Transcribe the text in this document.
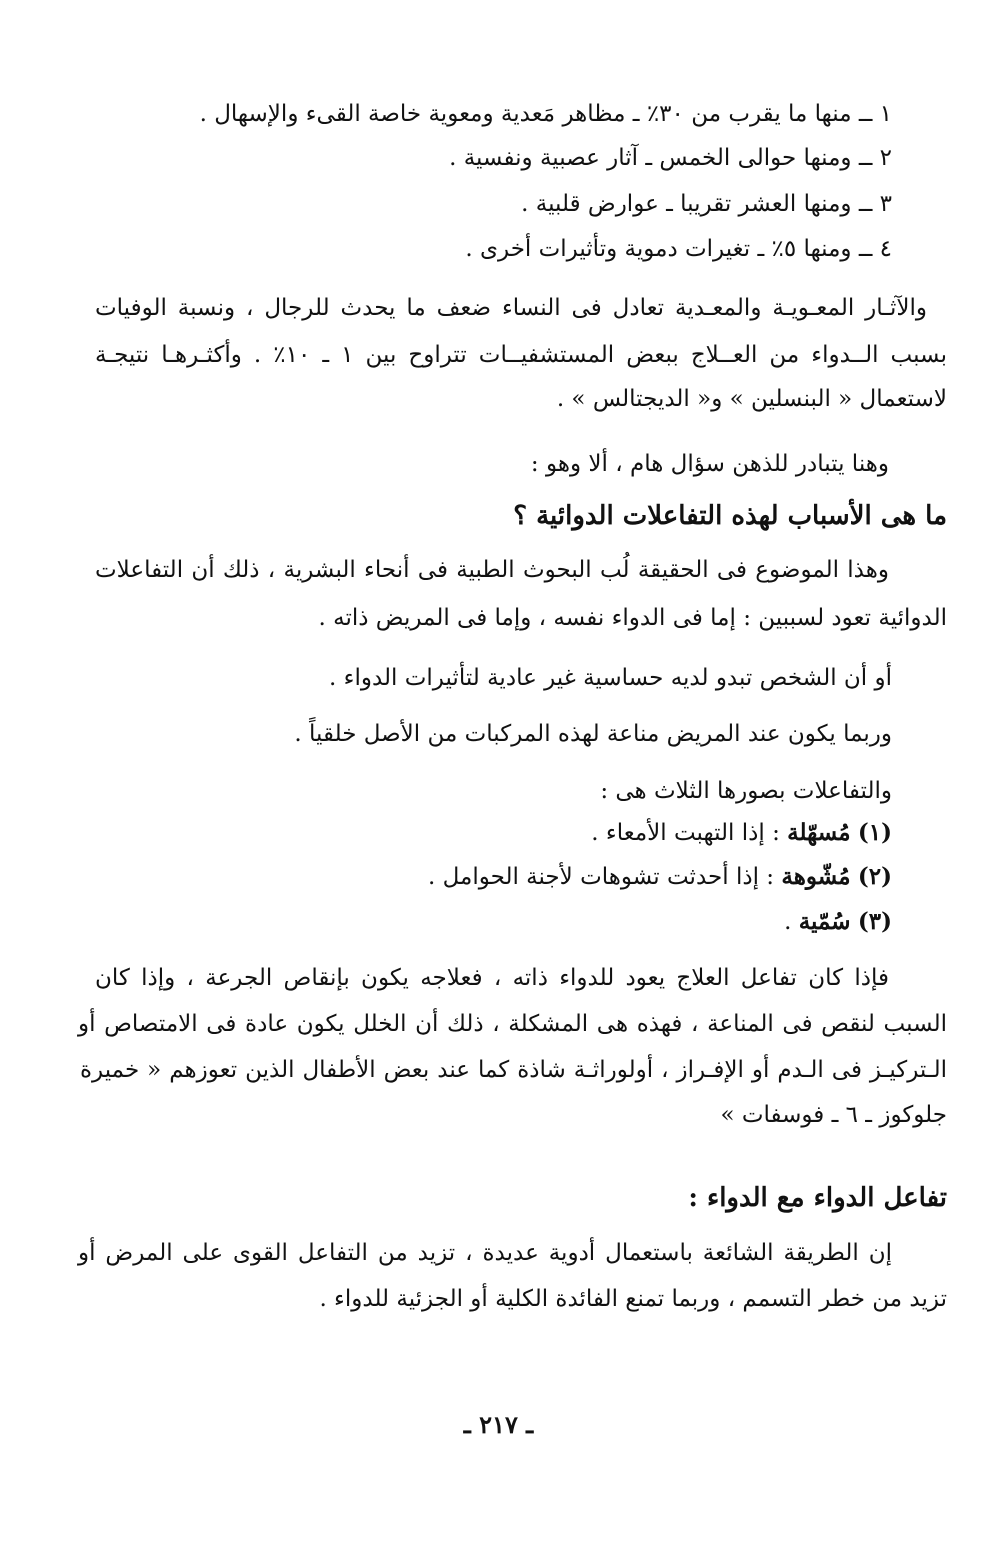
١ ــ منها ما يقرب من ٣٠٪ ـ مظاهر مَعدية ومعوية خاصة القىء والإسهال .
٢ ــ ومنها حوالى الخمس ـ آثار عصبية ونفسية .
٣ ــ ومنها العشر تقريبا ـ عوارض قلبية .
٤ ــ ومنها ٥٪ ـ تغيرات دموية وتأثيرات أخرى .
والآثـار المعـويـة والمعـدية تعادل فى النساء ضعف ما يحدث للرجال ، ونسبة الوفيات
بسبب الــدواء من العــلاج ببعض المستشفيــات تتراوح بين ١ ـ ١٠٪ . وأكثـرهـا نتيجـة
لاستعمال « البنسلين » و« الديجتالس » .
وهنا يتبادر للذهن سؤال هام ، ألا وهو :
ما هى الأسباب لهذه التفاعلات الدوائية ؟
وهذا الموضوع فى الحقيقة لُب البحوث الطبية فى أنحاء البشرية ، ذلك أن التفاعلات
الدوائية تعود لسببين : إما فى الدواء نفسه ، وإما فى المريض ذاته .
أو أن الشخص تبدو لديه حساسية غير عادية لتأثيرات الدواء .
وربما يكون عند المريض مناعة لهذه المركبات من الأصل خلقياً .
والتفاعلات بصورها الثلاث هى :
(١) مُسهّلة : إذا التهبت الأمعاء .
(٢) مُشّوهة : إذا أحدثت تشوهات لأجنة الحوامل .
(٣) سُمّية .
فإذا كان تفاعل العلاج يعود للدواء ذاته ، فعلاجه يكون بإنقاص الجرعة ، وإذا كان
السبب لنقص فى المناعة ، فهذه هى المشكلة ، ذلك أن الخلل يكون عادة فى الامتصاص أو
الـتركيـز فى الـدم أو الإفـراز ، أولوراثـة شاذة كما عند بعض الأطفال الذين تعوزهم « خميرة
جلوكوز ـ ٦ ـ فوسفات »
تفاعل الدواء مع الدواء :
إن الطريقة الشائعة باستعمال أدوية عديدة ، تزيد من التفاعل القوى على المرض أو
تزيد من خطر التسمم ، وربما تمنع الفائدة الكلية أو الجزئية للدواء .
ـ ٢١٧ ـ
